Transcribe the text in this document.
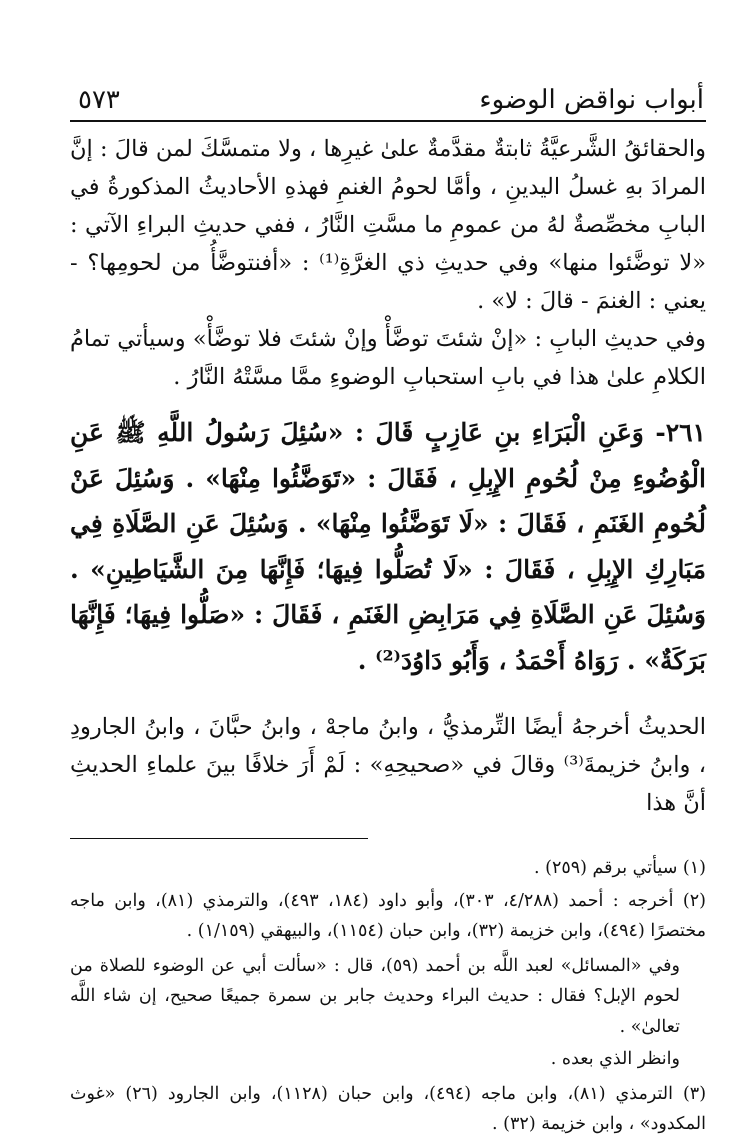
أبواب نواقض الوضوء
٥٧٣

والحقائقُ الشَّرعيَّةُ ثابتةٌ مقدَّمةٌ علىٰ غيرِها ، ولا متمسَّكَ لمن قالَ : إنَّ المرادَ بهِ غسلُ اليدينِ ، وأمَّا لحومُ الغنمِ فهذهِ الأحاديثُ المذكورةُ في البابِ مخصِّصةٌ لهُ من عمومِ ما مسَّتِ النَّارُ ، ففي حديثِ البراءِ الآتي : «لا توضَّئوا منها» وفي حديثِ ذي الغرَّةِ⁽¹⁾ : «أفنتوضَّأُ من لحومِها؟ - يعني : الغنمَ - قالَ : لا» .

وفي حديثِ البابِ : «إنْ شئتَ توضَّأْ وإنْ شئتَ فلا توضَّأْ» وسيأتي تمامُ الكلامِ علىٰ هذا في بابِ استحبابِ الوضوءِ ممَّا مسَّتْهُ النَّارُ .

٢٦١- وَعَنِ الْبَرَاءِ بنِ عَازِبٍ قَالَ : «سُئِلَ رَسُولُ اللَّهِ ﷺ عَنِ الْوُضُوءِ مِنْ لُحُومِ الإِبِلِ ، فَقَالَ : «تَوَضَّئُوا مِنْهَا» . وَسُئِلَ عَنْ لُحُومِ الغَنَمِ ، فَقَالَ : «لَا تَوَضَّئُوا مِنْهَا» . وَسُئِلَ عَنِ الصَّلَاةِ فِي مَبَارِكِ الإِبِلِ ، فَقَالَ : «لَا تُصَلُّوا فِيهَا؛ فَإِنَّهَا مِنَ الشَّيَاطِينِ» . وَسُئِلَ عَنِ الصَّلَاةِ فِي مَرَابِضِ الغَنَمِ ، فَقَالَ : «صَلُّوا فِيهَا؛ فَإِنَّهَا بَرَكَةٌ» . رَوَاهُ أَحْمَدُ ، وَأَبُو دَاوُدَ⁽²⁾ .

الحديثُ أخرجهُ أيضًا التِّرمذيُّ ، وابنُ ماجهْ ، وابنُ حبَّانَ ، وابنُ الجارودِ ، وابنُ خزيمةَ⁽³⁾ وقالَ في «صحيحِهِ» : لَمْ أَرَ خلافًا بينَ علماءِ الحديثِ أنَّ هذا

(١) سيأتي برقم (٢٥٩) .

(٢) أخرجه : أحمد (٤/٢٨٨، ٣٠٣)، وأبو داود (١٨٤، ٤٩٣)، والترمذي (٨١)، وابن ماجه مختصرًا (٤٩٤)، وابن خزيمة (٣٢)، وابن حبان (١١٥٤)، والبيهقي (١/١٥٩) .

وفي «المسائل» لعبد اللَّه بن أحمد (٥٩)، قال : «سألت أبي عن الوضوء للصلاة من لحوم الإبل؟ فقال : حديث البراء وحديث جابر بن سمرة جميعًا صحيح، إن شاء اللَّه تعالىٰ» .

وانظر الذي بعده .

(٣) الترمذي (٨١)، وابن ماجه (٤٩٤)، وابن حبان (١١٢٨)، وابن الجارود (٢٦) «غوث المكدود» ، وابن خزيمة (٣٢) .
